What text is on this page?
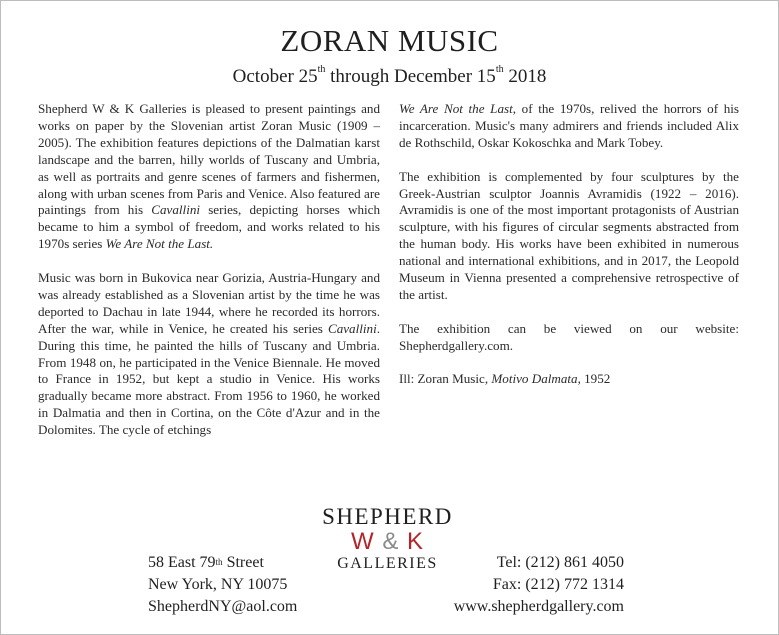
ZORAN MUSIC
October 25th through December 15th 2018

Shepherd W & K Galleries is pleased to present paintings and works on paper by the Slovenian artist Zoran Music (1909 – 2005). The exhibition features depictions of the Dalmatian karst landscape and the barren, hilly worlds of Tuscany and Umbria, as well as portraits and genre scenes of farmers and fishermen, along with urban scenes from Paris and Venice. Also featured are paintings from his Cavallini series, depicting horses which became to him a symbol of freedom, and works related to his 1970s series We Are Not the Last.

Music was born in Bukovica near Gorizia, Austria-Hungary and was already established as a Slovenian artist by the time he was deported to Dachau in late 1944, where he recorded its horrors. After the war, while in Venice, he created his series Cavallini. During this time, he painted the hills of Tuscany and Umbria. From 1948 on, he participated in the Venice Biennale. He moved to France in 1952, but kept a studio in Venice. His works gradually became more abstract. From 1956 to 1960, he worked in Dalmatia and then in Cortina, on the Côte d'Azur and in the Dolomites. The cycle of etchings

We Are Not the Last, of the 1970s, relived the horrors of his incarceration. Music's many admirers and friends included Alix de Rothschild, Oskar Kokoschka and Mark Tobey.

The exhibition is complemented by four sculptures by the Greek-Austrian sculptor Joannis Avramidis (1922 – 2016). Avramidis is one of the most important protagonists of Austrian sculpture, with his figures of circular segments abstracted from the human body. His works have been exhibited in numerous national and international exhibitions, and in 2017, the Leopold Museum in Vienna presented a comprehensive retrospective of the artist.

The exhibition can be viewed on our website: Shepherdgallery.com.

Ill: Zoran Music, Motivo Dalmata, 1952

SHEPHERD
W & K
GALLERIES
58 East 79th Street
New York, NY 10075
ShepherdNY@aol.com
Tel: (212) 861 4050
Fax: (212) 772 1314
www.shepherdgallery.com
